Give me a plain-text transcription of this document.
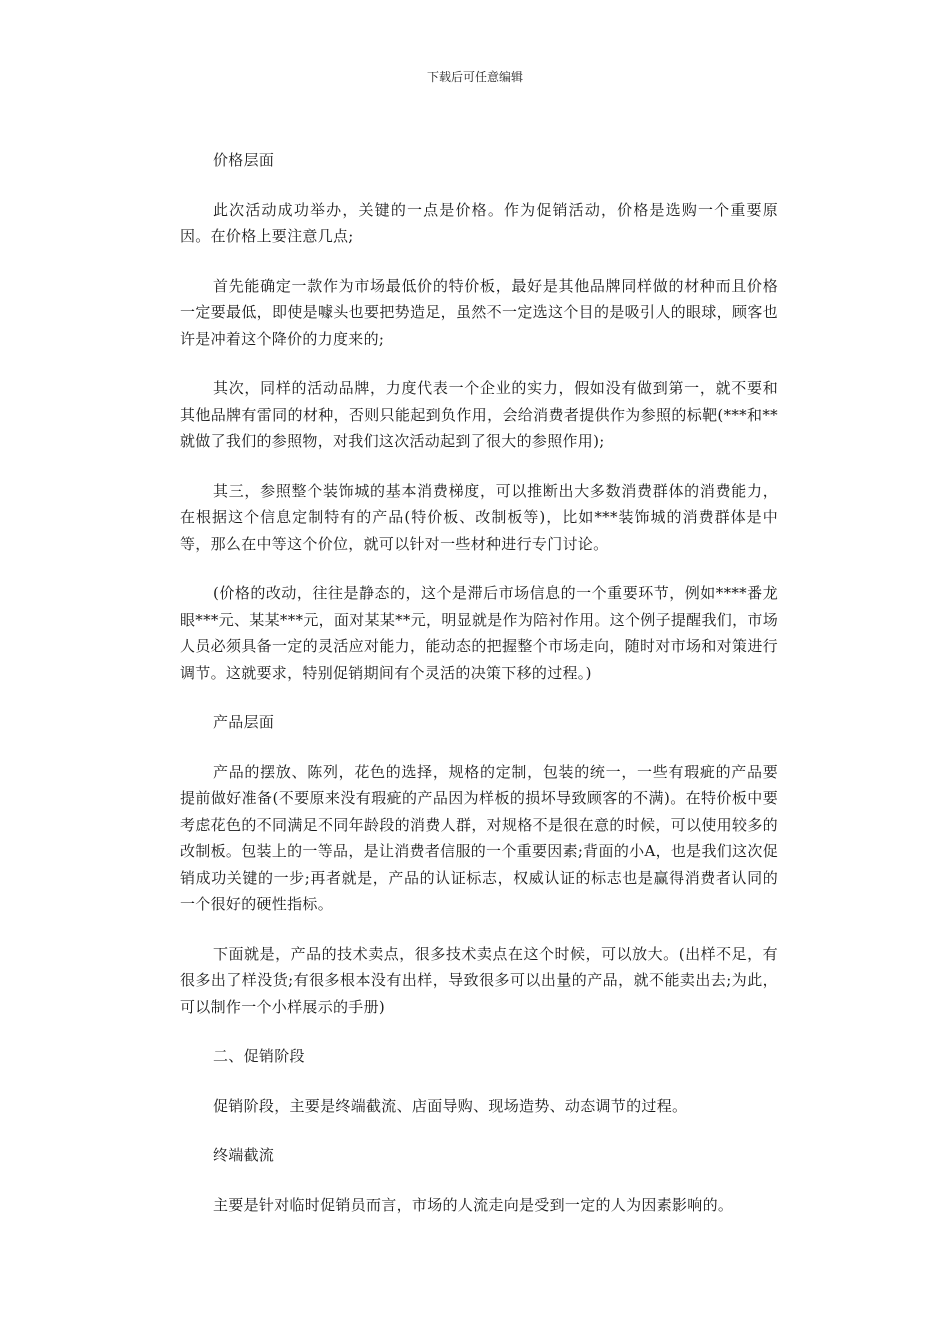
下载后可任意编辑

价格层面

此次活动成功举办，关键的一点是价格。作为促销活动，价格是选购一个重要原因。在价格上要注意几点;

首先能确定一款作为市场最低价的特价板，最好是其他品牌同样做的材种而且价格一定要最低，即使是噱头也要把势造足，虽然不一定选这个目的是吸引人的眼球，顾客也许是冲着这个降价的力度来的;

其次，同样的活动品牌，力度代表一个企业的实力，假如没有做到第一，就不要和其他品牌有雷同的材种，否则只能起到负作用，会给消费者提供作为参照的标靶(***和**就做了我们的参照物，对我们这次活动起到了很大的参照作用);

其三，参照整个装饰城的基本消费梯度，可以推断出大多数消费群体的消费能力，在根据这个信息定制特有的产品(特价板、改制板等)，比如***装饰城的消费群体是中等，那么在中等这个价位，就可以针对一些材种进行专门讨论。

(价格的改动，往往是静态的，这个是滞后市场信息的一个重要环节，例如****番龙眼***元、某某***元，面对某某**元，明显就是作为陪衬作用。这个例子提醒我们，市场人员必须具备一定的灵活应对能力，能动态的把握整个市场走向，随时对市场和对策进行调节。这就要求，特别促销期间有个灵活的决策下移的过程。)

产品层面

产品的摆放、陈列，花色的选择，规格的定制，包装的统一，一些有瑕疵的产品要提前做好准备(不要原来没有瑕疵的产品因为样板的损坏导致顾客的不满)。在特价板中要考虑花色的不同满足不同年龄段的消费人群，对规格不是很在意的时候，可以使用较多的改制板。包装上的一等品，是让消费者信服的一个重要因素;背面的小A，也是我们这次促销成功关键的一步;再者就是，产品的认证标志，权威认证的标志也是赢得消费者认同的一个很好的硬性指标。

下面就是，产品的技术卖点，很多技术卖点在这个时候，可以放大。(出样不足，有很多出了样没货;有很多根本没有出样，导致很多可以出量的产品，就不能卖出去;为此，可以制作一个小样展示的手册)

二、促销阶段

促销阶段，主要是终端截流、店面导购、现场造势、动态调节的过程。

终端截流

主要是针对临时促销员而言，市场的人流走向是受到一定的人为因素影响的。
